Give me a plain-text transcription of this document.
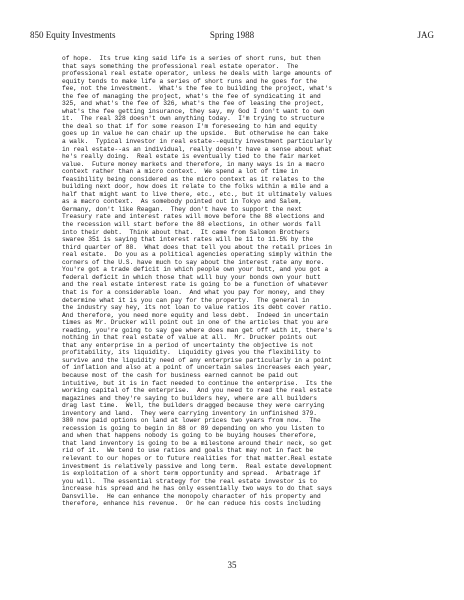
850 Equity Investments	Spring 1988	JAG
of hope.  Its true king said life is a series of short runs, but then
that says something the professional real estate operator.  The
professional real estate operator, unless he deals with large amounts of
equity tends to make life a series of short runs and he goes for the
fee, not the investment.  What's the fee to building the project, what's
the fee of managing the project, what's the fee of syndicating it and
325, and what's the fee of 326, what's the fee of leasing the project,
what's the fee getting insurance, they say, my God I don't want to own
it.  The real 328 doesn't own anything today.  I'm trying to structure
the deal so that if for some reason I'm foreseeing to him and equity
goes up in value he can chair up the upside.  But otherwise he can take
a walk.  Typical investor in real estate--equity investment particularly
in real estate--as an individual, really doesn't have a sense about what
he's really doing.  Real estate is eventually tied to the fair market
value.  Future money markets and therefore, in many ways is in a macro
context rather than a micro context.  We spend a lot of time in
feasibility being considered as the micro context as it relates to the
building next door, how does it relate to the folks within a mile and a
half that might want to live there, etc., etc., but it ultimately values
as a macro context.  As somebody pointed out in Tokyo and Salem,
Germany, don't like Reagan.  They don't have to support the next
Treasury rate and interest rates will move before the 88 elections and
the recession will start before the 88 elections, in other words fall
into their debt.  Think about that.  It came from Salomon Brothers
swaree 351 is saying that interest rates will be 11 to 11.5% by the
third quarter of 88.  What does that tell you about the retail prices in
real estate.  Do you as a political agencies operating simply within the
corners of the U.S. have much to say about the interest rate any more.
You're got a trade deficit in which people own your butt, and you got a
federal deficit in which those that will buy your bonds own your butt
and the real estate interest rate is going to be a function of whatever
that is for a considerable loan.  And what you pay for money, and they
determine what it is you can pay for the property.  The general in
the industry say hey, its not loan to value ratios its debt cover ratio.
And therefore, you need more equity and less debt.  Indeed in uncertain
times as Mr. Drucker will point out in one of the articles that you are
reading, you're going to say gee where does man get off with it, there's
nothing in that real estate of value at all.  Mr. Drucker points out
that any enterprise in a period of uncertainty the objective is not
profitability, its liquidity.  Liquidity gives you the flexibility to
survive and the liquidity need of any enterprise particularly in a point
of inflation and also at a point of uncertain sales increases each year,
because most of the cash for business earned cannot be paid out
intuitive, but it is in fact needed to continue the enterprise.  Its the
working capital of the enterprise.  And you need to read the real estate
magazines and they're saying to builders hey, where are all builders
drag last time.  Well, the builders dragged because they were carrying
inventory and land.  They were carrying inventory in unfinished 379.
380 now paid options on land at lower prices two years from now.  The
recession is going to begin in 88 or 89 depending on who you listen to
and when that happens nobody is going to be buying houses therefore,
that land inventory is going to be a milestone around their neck, so get
rid of it.  We tend to use ratios and goals that may not in fact be
relevant to our hopes or to future realities for that matter.Real estate
investment is relatively passive and long term.  Real estate development
is exploitation of a short term opportunity and spread.  Arbatrage if
you will.  The essential strategy for the real estate investor is to
increase his spread and he has only essentially two ways to do that says
Dansville.  He can enhance the monopoly character of his property and
therefore, enhance his revenue.  Or he can reduce his costs including
35
